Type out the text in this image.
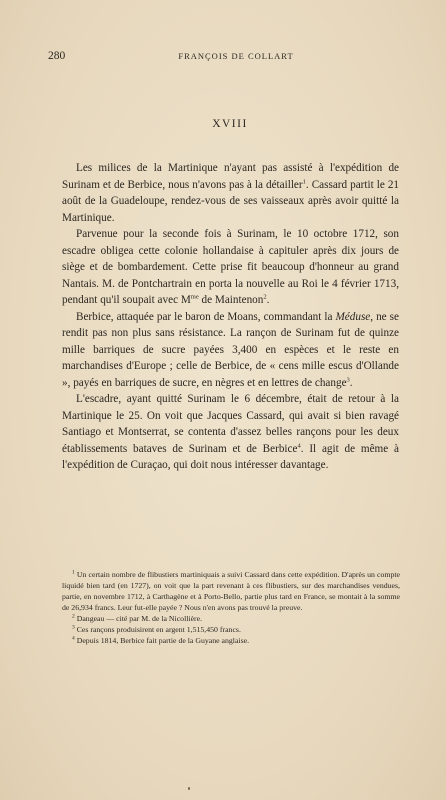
280	FRANÇOIS DE COLLART
XVIII

Les milices de la Martinique n'ayant pas assisté à l'expédition de Surinam et de Berbice, nous n'avons pas à la détailler$^1$. Cassard partit le 21 août de la Guadeloupe, rendez-vous de ses vaisseaux après avoir quitté la Martinique.

Parvenue pour la seconde fois à Surinam, le 10 octobre 1712, son escadre obligea cette colonie hollandaise à capituler après dix jours de siège et de bombardement. Cette prise fit beaucoup d'honneur au grand Nantais. M. de Pontchartrain en porta la nouvelle au Roi le 4 février 1713, pendant qu'il soupait avec $M^{me}$ de Maintenon$^2$.

Berbice, attaquée par le baron de Moans, commandant la Méduse, ne se rendit pas non plus sans résistance. La rançon de Surinam fut de quinze mille barriques de sucre payées 3,400 en espèces et le reste en marchandises d'Europe ; celle de Berbice, de « cens mille escus d'Ollande », payés en barriques de sucre, en nègres et en lettres de change$^3$.

L'escadre, ayant quitté Surinam le 6 décembre, était de retour à la Martinique le 25. On voit que Jacques Cassard, qui avait si bien ravagé Santiago et Montserrat, se contenta d'assez belles rançons pour les deux établissements bataves de Surinam et de Berbice$^4$. Il agit de même à l'expédition de Curaçao, qui doit nous intéresser davantage.

$^1$ Un certain nombre de flibustiers martiniquais a suivi Cassard dans cette expédition. D'après un compte liquidé bien tard (en 1727), on voit que la part revenant à ces flibustiers, sur des marchandises vendues, partie, en novembre 1712, à Carthagène et à Porto-Bello, partie plus tard en France, se montait à la somme de 26,934 francs. Leur fut-elle payée ? Nous n'en avons pas trouvé la preuve.

$^2$ Dangeau — cité par M. de la Nicollière.

$^3$ Ces rançons produisirent en argent 1,515,450 francs.

$^4$ Depuis 1814, Berbice fait partie de la Guyane anglaise.
